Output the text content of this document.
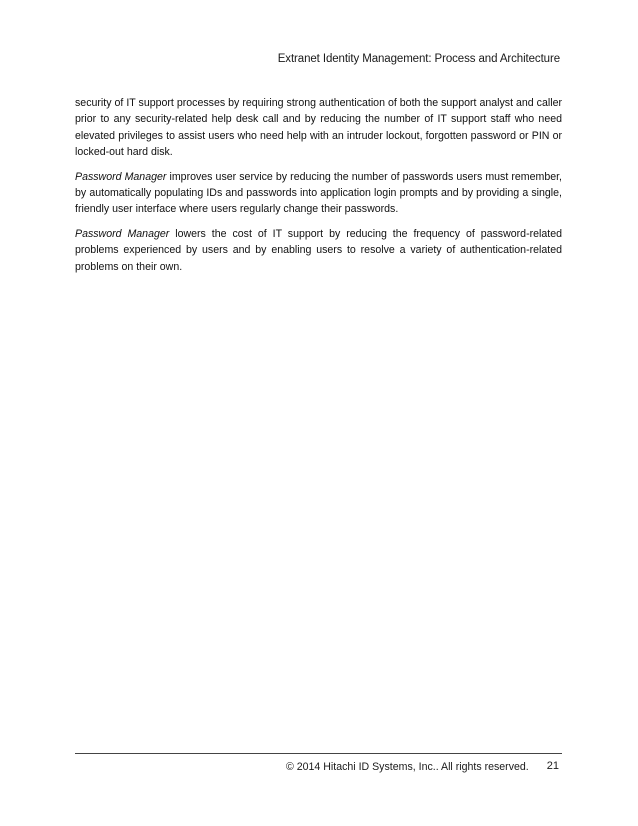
Extranet Identity Management: Process and Architecture

security of IT support processes by requiring strong authentication of both the support analyst and caller prior to any security-related help desk call and by reducing the number of IT support staff who need elevated privileges to assist users who need help with an intruder lockout, forgotten password or PIN or locked-out hard disk.

Password Manager improves user service by reducing the number of passwords users must remember, by automatically populating IDs and passwords into application login prompts and by providing a single, friendly user interface where users regularly change their passwords.

Password Manager lowers the cost of IT support by reducing the frequency of password-related problems experienced by users and by enabling users to resolve a variety of authentication-related problems on their own.

© 2014 Hitachi ID Systems, Inc.. All rights reserved. 21
